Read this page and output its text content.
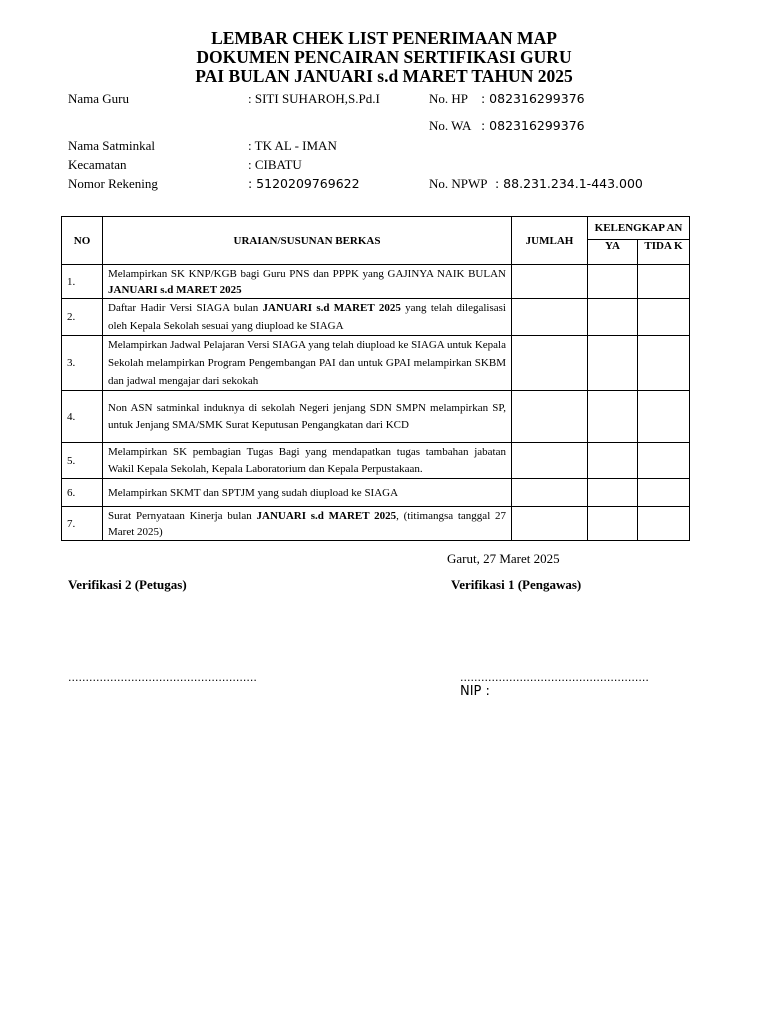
LEMBAR CHEK LIST PENERIMAAN MAP
DOKUMEN PENCAIRAN SERTIFIKASI GURU
PAI BULAN JANUARI s.d MARET TAHUN 2025
Nama Guru	: SITI SUHAROH,S.Pd.I	No. HP : 082316299376
No. WA : 082316299376
Nama Satminkal	: TK AL - IMAN
Kecamatan	: CIBATU
Nomor Rekening	: 5120209769622	No. NPWP : 88.231.234.1-443.000
NO	URAIAN/SUSUNAN BERKAS	JUMLAH	KELENGKAP AN	
			YA	TIDA K
1.	Melampirkan SK KNP/KGB bagi Guru PNS dan PPPK yang GAJINYA NAIK BULAN JANUARI s.d MARET 2025			
2.	Daftar Hadir Versi SIAGA bulan JANUARI s.d MARET 2025 yang telah dilegalisasi oleh Kepala Sekolah sesuai yang diupload ke SIAGA			
3.	Melampirkan Jadwal Pelajaran Versi SIAGA yang telah diupload ke SIAGA untuk Kepala Sekolah melampirkan Program Pengembangan PAI dan untuk GPAI melampirkan SKBM dan jadwal mengajar dari sekokah			
4.	Non ASN satminkal induknya di sekolah Negeri jenjang SDN SMPN melampirkan SP, untuk Jenjang SMA/SMK Surat Keputusan Pengangkatan dari KCD			
5.	Melampirkan SK pembagian Tugas Bagi yang mendapatkan tugas tambahan jabatan Wakil Kepala Sekolah, Kepala Laboratorium dan Kepala Perpustakaan.			
6.	Melampirkan SKMT dan SPTJM yang sudah diupload ke SIAGA			
7.	Surat Pernyataan Kinerja bulan JANUARI s.d MARET 2025, (titimangsa tanggal 27 Maret 2025)			
Garut, 27 Maret 2025
Verifikasi 2 (Petugas)	Verifikasi 1 (Pengawas)
......................................................	......................................................
NIP :
